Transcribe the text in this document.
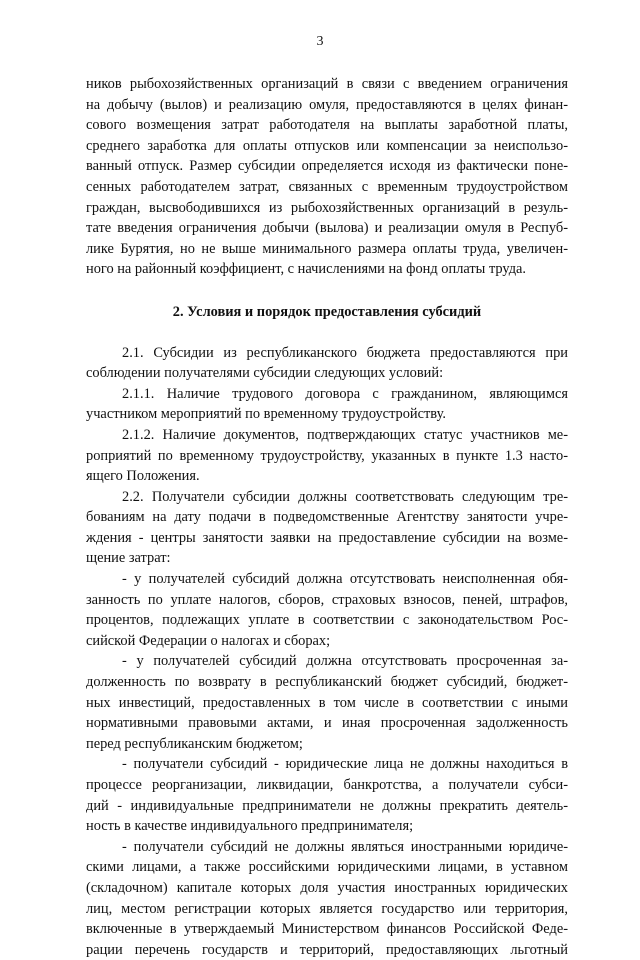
3
ников рыбохозяйственных организаций в связи с введением ограничения
на добычу (вылов) и реализацию омуля, предоставляются в целях финан-
сового возмещения затрат работодателя на выплаты заработной платы,
среднего заработка для оплаты отпусков или компенсации за неиспользо-
ванный отпуск. Размер субсидии определяется исходя из фактически поне-
сенных работодателем затрат, связанных с временным трудоустройством
граждан, высвободившихся из рыбохозяйственных организаций в резуль-
тате введения ограничения добычи (вылова) и реализации омуля в Респуб-
лике Бурятия, но не выше минимального размера оплаты труда, увеличен-
ного на районный коэффициент, с начислениями на фонд оплаты труда.
2. Условия и порядок предоставления субсидий
2.1. Субсидии из республиканского бюджета предоставляются при
соблюдении получателями субсидии следующих условий:
2.1.1. Наличие трудового договора с гражданином, являющимся
участником мероприятий по временному трудоустройству.
2.1.2. Наличие документов, подтверждающих статус участников ме-
роприятий по временному трудоустройству, указанных в пункте 1.3 насто-
ящего Положения.
2.2. Получатели субсидии должны соответствовать следующим тре-
бованиям на дату подачи в подведомственные Агентству занятости учре-
ждения - центры занятости заявки на предоставление субсидии на возме-
щение затрат:
- у получателей субсидий должна отсутствовать неисполненная обя-
занность по уплате налогов, сборов, страховых взносов, пеней, штрафов,
процентов, подлежащих уплате в соответствии с законодательством Рос-
сийской Федерации о налогах и сборах;
- у получателей субсидий должна отсутствовать просроченная за-
долженность по возврату в республиканский бюджет субсидий, бюджет-
ных инвестиций, предоставленных в том числе в соответствии с иными
нормативными правовыми актами, и иная просроченная задолженность
перед республиканским бюджетом;
- получатели субсидий - юридические лица не должны находиться в
процессе реорганизации, ликвидации, банкротства, а получатели субси-
дий - индивидуальные предприниматели не должны прекратить деятель-
ность в качестве индивидуального предпринимателя;
- получатели субсидий не должны являться иностранными юридиче-
скими лицами, а также российскими юридическими лицами, в уставном
(складочном) капитале которых доля участия иностранных юридических
лиц, местом регистрации которых является государство или территория,
включенные в утверждаемый Министерством финансов Российской Феде-
рации перечень государств и территорий, предоставляющих льготный
